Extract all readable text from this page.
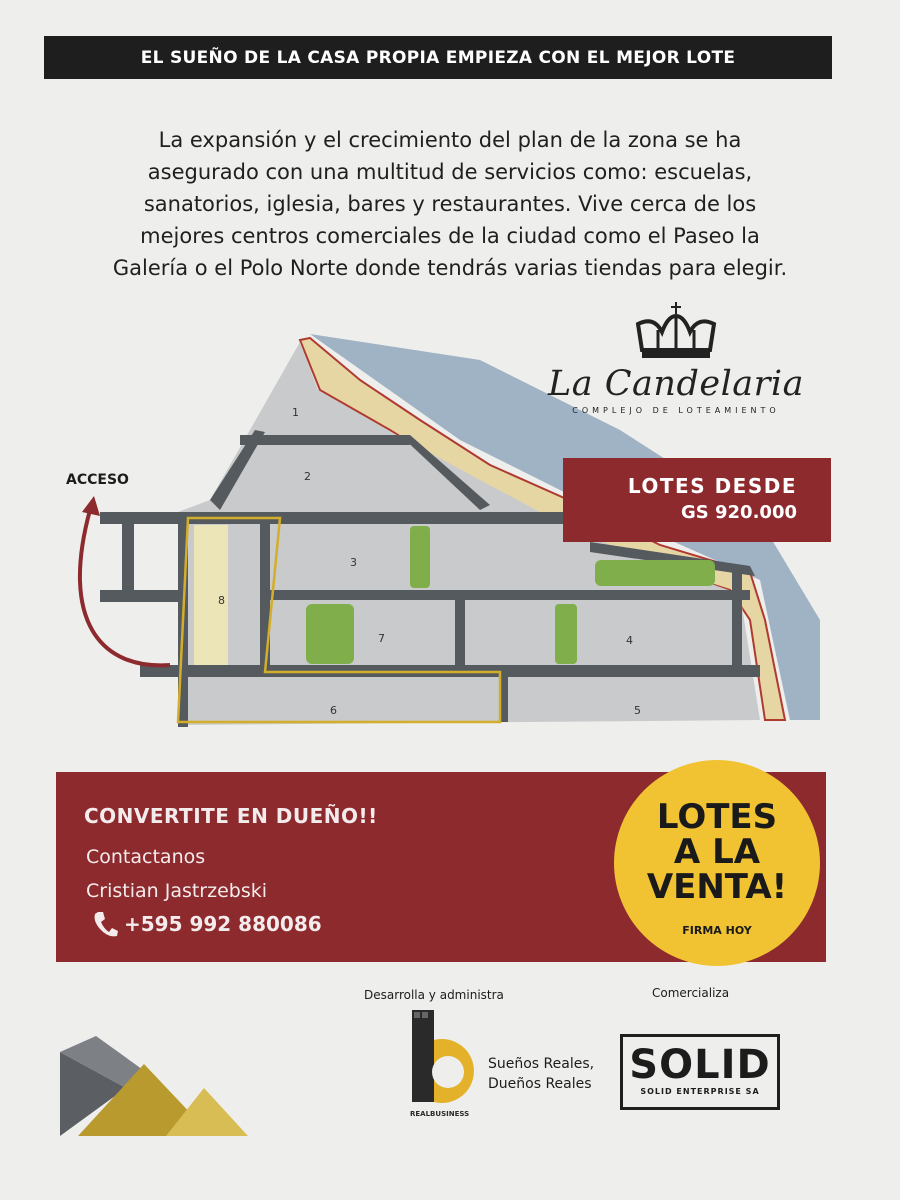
EL SUEÑO DE LA CASA PROPIA EMPIEZA CON EL MEJOR LOTE
La expansión y el crecimiento del plan de la zona se ha
asegurado con una multitud de servicios como: escuelas,
sanatorios, iglesia, bares y restaurantes. Vive cerca de los
mejores centros comerciales de la ciudad como el Paseo la
Galería o el Polo Norte donde tendrás varias tiendas para elegir.
1
2
3
4
5
6
7
8
ACCESO
La Candelaria
COMPLEJO DE LOTEAMIENTO
LOTES DESDE
GS 920.000
CONVERTITE EN DUEÑO!!
Contactanos
Cristian Jastrzebski
+595 992 880086
LOTES
A LA
VENTA!
FIRMA HOY
Desarrolla y administra	Comercializa
REALBUSINESS
Sueños Reales,
Dueños Reales SOLID
SOLID ENTERPRISE SA
